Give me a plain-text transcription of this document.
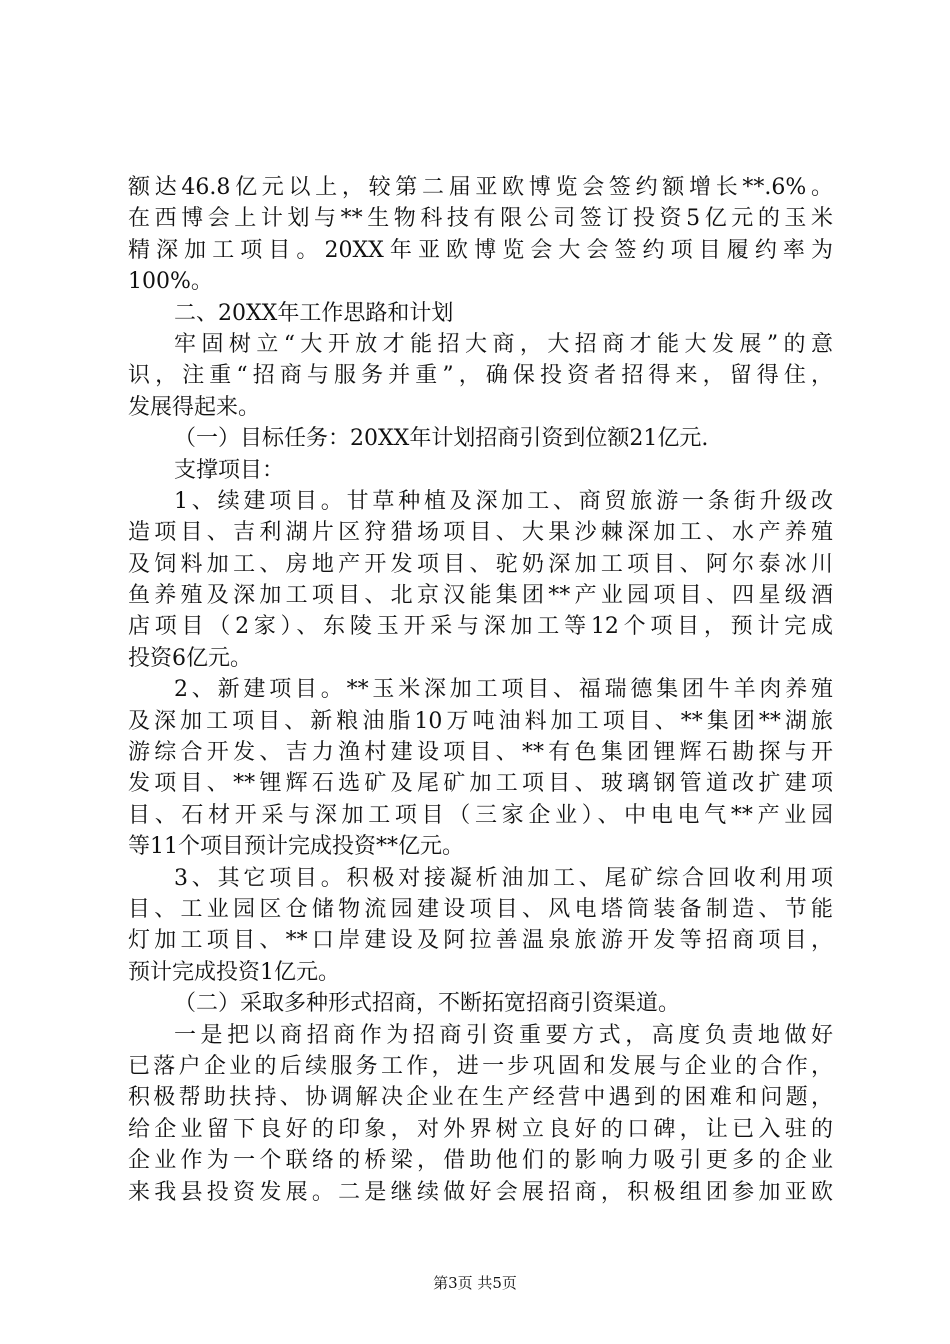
额达46.8亿元以上，较第二届亚欧博览会签约额增长**.6%。
在西博会上计划与**生物科技有限公司签订投资5亿元的玉米
精深加工项目。20XX年亚欧博览会大会签约项目履约率为
100%。
二、20XX年工作思路和计划
牢固树立“大开放才能招大商，大招商才能大发展”的意
识，注重“招商与服务并重”，确保投资者招得来，留得住，
发展得起来。
（一）目标任务：20XX年计划招商引资到位额21亿元.
支撑项目：
1、续建项目。甘草种植及深加工、商贸旅游一条街升级改
造项目、吉利湖片区狩猎场项目、大果沙棘深加工、水产养殖
及饲料加工、房地产开发项目、驼奶深加工项目、阿尔泰冰川
鱼养殖及深加工项目、北京汉能集团**产业园项目、四星级酒
店项目（2家）、东陵玉开采与深加工等12个项目，预计完成
投资6亿元。
2、新建项目。**玉米深加工项目、福瑞德集团牛羊肉养殖
及深加工项目、新粮油脂10万吨油料加工项目、**集团**湖旅
游综合开发、吉力渔村建设项目、**有色集团锂辉石勘探与开
发项目、**锂辉石选矿及尾矿加工项目、玻璃钢管道改扩建项
目、石材开采与深加工项目（三家企业）、中电电气**产业园
等11个项目预计完成投资**亿元。
3、其它项目。积极对接凝析油加工、尾矿综合回收利用项
目、工业园区仓储物流园建设项目、风电塔筒装备制造、节能
灯加工项目、**口岸建设及阿拉善温泉旅游开发等招商项目，
预计完成投资1亿元。
（二）采取多种形式招商，不断拓宽招商引资渠道。
一是把以商招商作为招商引资重要方式，高度负责地做好
已落户企业的后续服务工作，进一步巩固和发展与企业的合作，
积极帮助扶持、协调解决企业在生产经营中遇到的困难和问题，
给企业留下良好的印象，对外界树立良好的口碑，让已入驻的
企业作为一个联络的桥梁，借助他们的影响力吸引更多的企业
来我县投资发展。二是继续做好会展招商，积极组团参加亚欧
第3页 共5页
